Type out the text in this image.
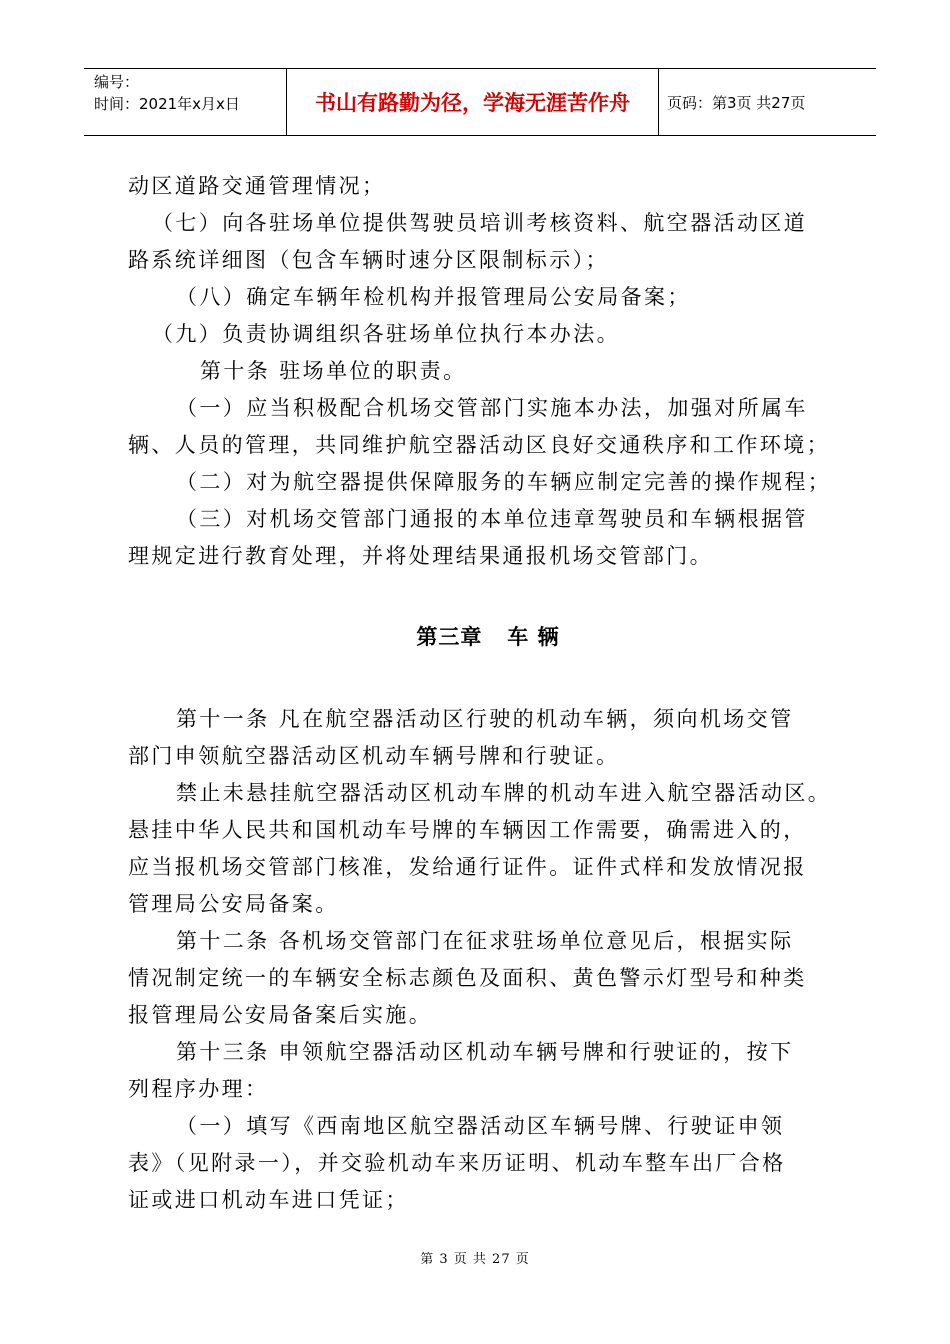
编号：
时间：2021年x月x日	书山有路勤为径，学海无涯苦作舟	页码：第3页 共27页

动区道路交通管理情况；

（七）向各驻场单位提供驾驶员培训考核资料、航空器活动区道

路系统详细图（包含车辆时速分区限制标示）；

（八）确定车辆年检机构并报管理局公安局备案；

（九）负责协调组织各驻场单位执行本办法。

第十条 驻场单位的职责。

（一）应当积极配合机场交管部门实施本办法，加强对所属车

辆、人员的管理，共同维护航空器活动区良好交通秩序和工作环境；

（二）对为航空器提供保障服务的车辆应制定完善的操作规程；

（三）对机场交管部门通报的本单位违章驾驶员和车辆根据管

理规定进行教育处理，并将处理结果通报机场交管部门。

第三章   车 辆

第十一条 凡在航空器活动区行驶的机动车辆，须向机场交管

部门申领航空器活动区机动车辆号牌和行驶证。

禁止未悬挂航空器活动区机动车牌的机动车进入航空器活动区。

悬挂中华人民共和国机动车号牌的车辆因工作需要，确需进入的，

应当报机场交管部门核准，发给通行证件。证件式样和发放情况报

管理局公安局备案。

第十二条 各机场交管部门在征求驻场单位意见后，根据实际

情况制定统一的车辆安全标志颜色及面积、黄色警示灯型号和种类

报管理局公安局备案后实施。

第十三条 申领航空器活动区机动车辆号牌和行驶证的，按下

列程序办理：

（一）填写《西南地区航空器活动区车辆号牌、行驶证申领

表》（见附录一），并交验机动车来历证明、机动车整车出厂合格

证或进口机动车进口凭证；

第 3 页 共 27 页
